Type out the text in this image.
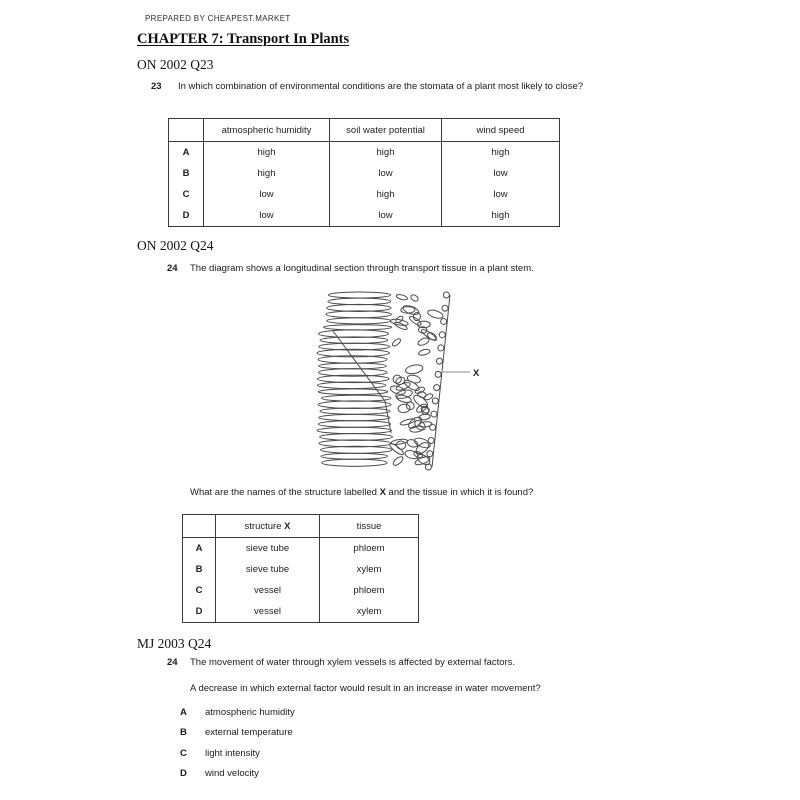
PREPARED BY CHEAPEST.MARKET
CHAPTER 7: Transport In Plants
ON 2002 Q23
23	In which combination of environmental conditions are the stomata of a plant most likely to close?
	atmospheric humidity	soil water potential	wind speed
A	high	high	high
B	high	low	low
C	low	high	low
D	low	low	high
ON 2002 Q24
24	The diagram shows a longitudinal section through transport tissue in a plant stem.
X
What are the names of the structure labelled X and the tissue in which it is found?
	structure X	tissue
A	sieve tube	phloem
B	sieve tube	xylem
C	vessel	phloem
D	vessel	xylem
MJ 2003 Q24
24	The movement of water through xylem vessels is affected by external factors.
A decrease in which external factor would result in an increase in water movement?
A	atmospheric humidity
B	external temperature
C	light intensity
D	wind velocity
